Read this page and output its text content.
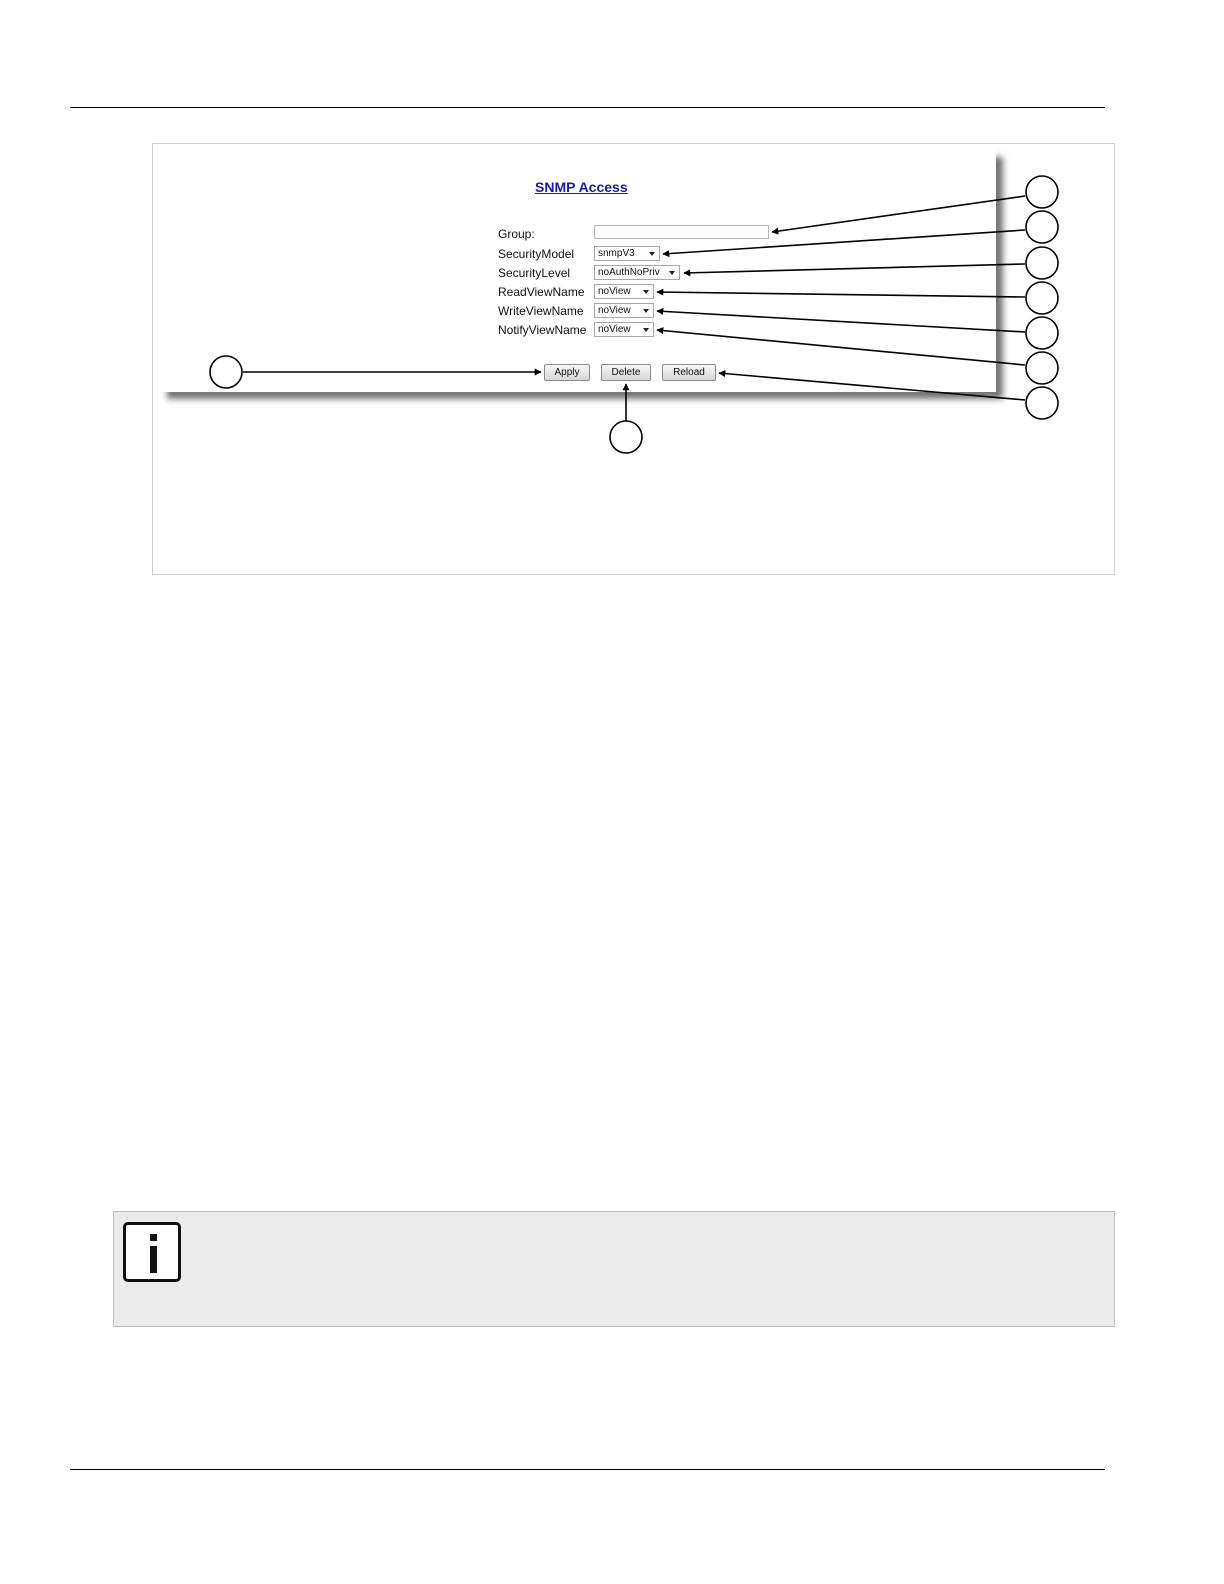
SNMP Access
Group:
SecurityModel	snmpV3
SecurityLevel	noAuthNoPriv
ReadViewName	noView
WriteViewName	noView
NotifyViewName	noView
Apply	Delete	Reload
